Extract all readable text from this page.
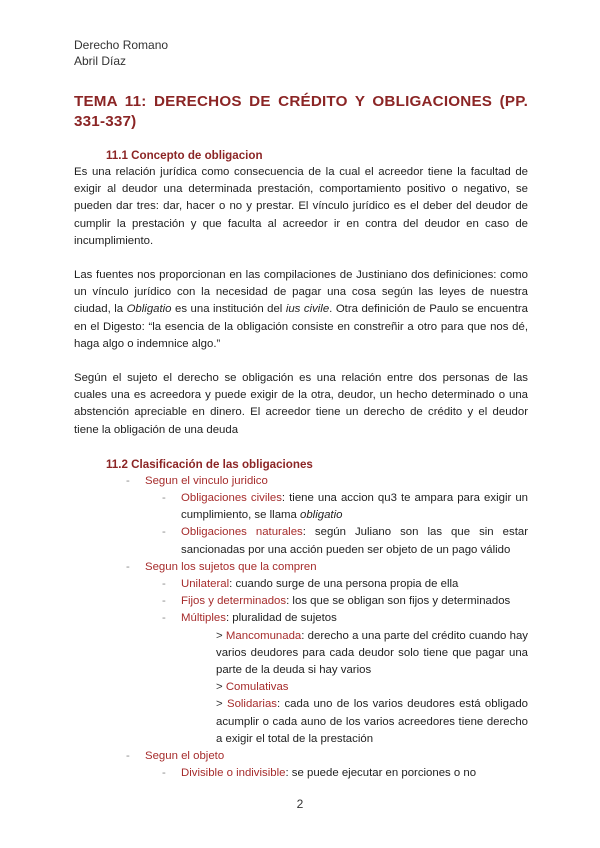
Derecho Romano
Abril Díaz
TEMA 11: DERECHOS DE CRÉDITO Y OBLIGACIONES (PP. 331-337)
11.1 Concepto de obligacion

Es una relación jurídica como consecuencia de la cual el acreedor tiene la facultad de exigir al deudor una determinada prestación, comportamiento positivo o negativo, se pueden dar tres: dar, hacer o no y prestar. El vínculo jurídico es el deber del deudor de cumplir la prestación y que faculta al acreedor ir en contra del deudor en caso de incumplimiento.

Las fuentes nos proporcionan en las compilaciones de Justiniano dos definiciones: como un vínculo jurídico con la necesidad de pagar una cosa según las leyes de nuestra ciudad, la Obligatio es una institución del ius civile. Otra definición de Paulo se encuentra en el Digesto: “la esencia de la obligación consiste en constreñir a otro para que nos dé, haga algo o indemnice algo.”

Según el sujeto el derecho se obligación es una relación entre dos personas de las cuales una es acreedora y puede exigir de la otra, deudor, un hecho determinado o una abstención apreciable en dinero. El acreedor tiene un derecho de crédito y el deudor tiene la obligación de una deuda

11.2 Clasificación de las obligaciones
- Segun el vinculo juridico
- Obligaciones civiles: tiene una accion qu3 te ampara para exigir un cumplimiento, se llama obligatio
- Obligaciones naturales: según Juliano son las que sin estar sancionadas por una acción pueden ser objeto de un pago válido
- Segun los sujetos que la compren
- Unilateral: cuando surge de una persona propia de ella
- Fijos y determinados: los que se obligan son fijos y determinados
- Múltiples: pluralidad de sujetos
> Mancomunada: derecho a una parte del crédito cuando hay varios deudores para cada deudor solo tiene que pagar una parte de la deuda si hay varios
> Comulativas
> Solidarias: cada uno de los varios deudores está obligado acumplir o cada auno de los varios acreedores tiene derecho a exigir el total de la prestación
- Segun el objeto
- Divisible o indivisible: se puede ejecutar en porciones o no
2
